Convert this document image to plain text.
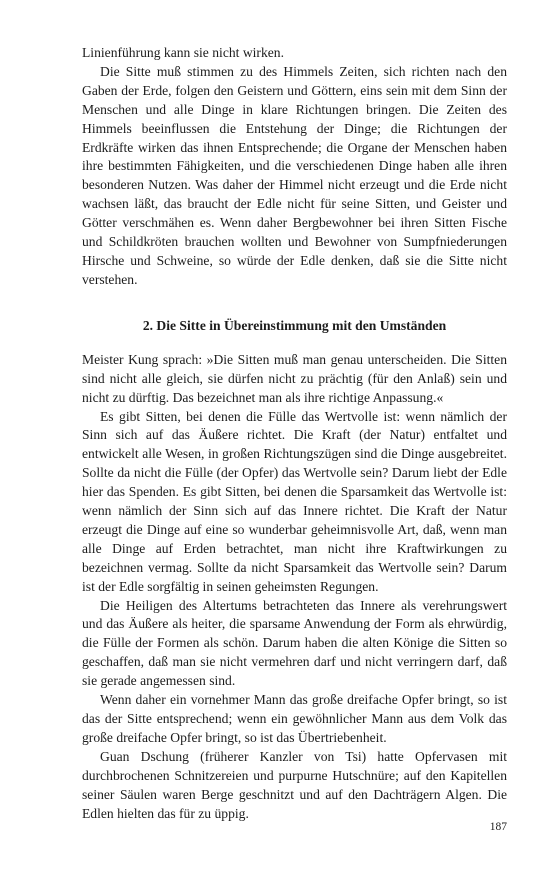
Linienführung kann sie nicht wirken.

Die Sitte muß stimmen zu des Himmels Zeiten, sich richten nach den Gaben der Erde, folgen den Geistern und Göttern, eins sein mit dem Sinn der Menschen und alle Dinge in klare Richtungen bringen. Die Zeiten des Himmels beeinflussen die Entstehung der Dinge; die Richtungen der Erdkräfte wirken das ihnen Entsprechende; die Organe der Menschen haben ihre bestimmten Fähigkeiten, und die verschiedenen Dinge haben alle ihren besonderen Nutzen. Was daher der Himmel nicht erzeugt und die Erde nicht wachsen läßt, das braucht der Edle nicht für seine Sitten, und Geister und Götter verschmähen es. Wenn daher Bergbewohner bei ihren Sitten Fische und Schildkröten brauchen wollten und Bewohner von Sumpfniederungen Hirsche und Schweine, so würde der Edle denken, daß sie die Sitte nicht verstehen.

2. Die Sitte in Übereinstimmung mit den Umständen

Meister Kung sprach: »Die Sitten muß man genau unterscheiden. Die Sitten sind nicht alle gleich, sie dürfen nicht zu prächtig (für den Anlaß) sein und nicht zu dürftig. Das bezeichnet man als ihre richtige Anpassung.«

Es gibt Sitten, bei denen die Fülle das Wertvolle ist: wenn nämlich der Sinn sich auf das Äußere richtet. Die Kraft (der Natur) entfaltet und entwickelt alle Wesen, in großen Richtungszügen sind die Dinge ausgebreitet. Sollte da nicht die Fülle (der Opfer) das Wertvolle sein? Darum liebt der Edle hier das Spenden. Es gibt Sitten, bei denen die Sparsamkeit das Wertvolle ist: wenn nämlich der Sinn sich auf das Innere richtet. Die Kraft der Natur erzeugt die Dinge auf eine so wunderbar geheimnisvolle Art, daß, wenn man alle Dinge auf Erden betrachtet, man nicht ihre Kraftwirkungen zu bezeichnen vermag. Sollte da nicht Sparsamkeit das Wertvolle sein? Darum ist der Edle sorgfältig in seinen geheimsten Regungen.

Die Heiligen des Altertums betrachteten das Innere als verehrungswert und das Äußere als heiter, die sparsame Anwendung der Form als ehrwürdig, die Fülle der Formen als schön. Darum haben die alten Könige die Sitten so geschaffen, daß man sie nicht vermehren darf und nicht verringern darf, daß sie gerade angemessen sind.

Wenn daher ein vornehmer Mann das große dreifache Opfer bringt, so ist das der Sitte entsprechend; wenn ein gewöhnlicher Mann aus dem Volk das große dreifache Opfer bringt, so ist das Übertriebenheit.

Guan Dschung (früherer Kanzler von Tsi) hatte Opfervasen mit durchbrochenen Schnitzereien und purpurne Hutschnüre; auf den Kapitellen seiner Säulen waren Berge geschnitzt und auf den Dachträgern Algen. Die Edlen hielten das für zu üppig.

187
